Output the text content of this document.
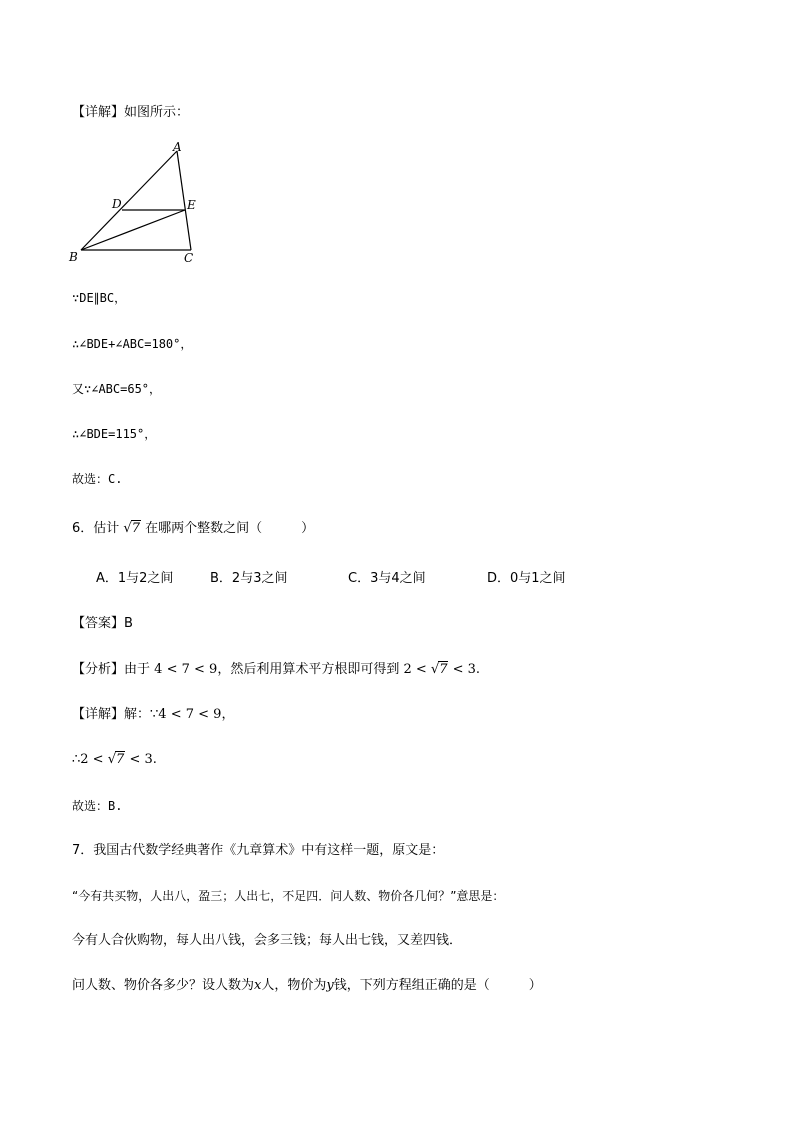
【详解】如图所示：
A
B	C
D	E
∵DE∥BC，
∴∠BDE+∠ABC=180°，
又∵∠ABC=65°，
∴∠BDE=115°，
故选：C.
6．估计 √7 在哪两个整数之间（　　　）
A．1与2之间	B．2与3之间	C．3与4之间	D．0与1之间
【答案】B
【分析】由于 4 < 7 < 9，然后利用算术平方根即可得到 2 < √7 < 3.
【详解】解：∵4 < 7 < 9，
∴2 < √7 < 3.
故选：B.
7．我国古代数学经典著作《九章算术》中有这样一题，原文是：
“今有共买物，人出八，盈三；人出七，不足四．问人数、物价各几何？”意思是：
今有人合伙购物，每人出八钱，会多三钱；每人出七钱，又差四钱．
问人数、物价各多少？设人数为x人，物价为y钱，下列方程组正确的是（　　　）
